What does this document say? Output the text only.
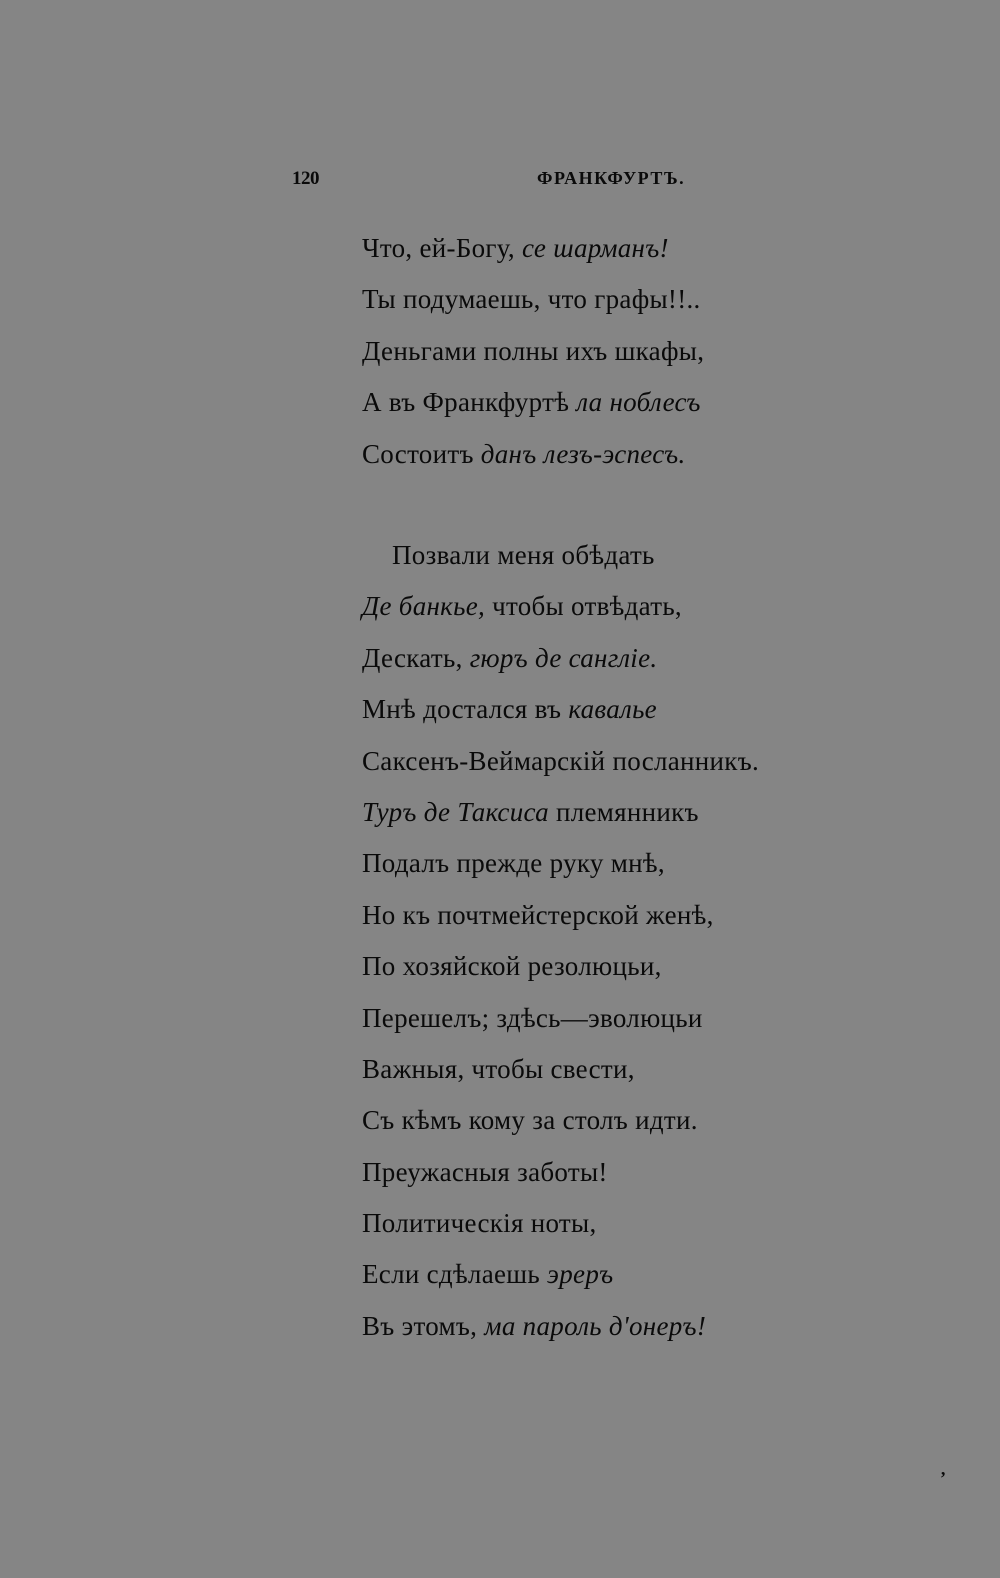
120	ФРАНКФУРТЪ.
Что, ей-Богу, се шарманъ!
Ты подумаешь, что графы!!..
Деньгами полны ихъ шкафы,
А въ Франкфуртѣ ла ноблесъ
Состоитъ данъ лезъ-эспесъ.
Позвали меня обѣдать
Де банкье, чтобы отвѣдать,
Дескать, гюръ де санглiе.
Мнѣ достался въ кавалье
Саксенъ-Веймарскiй посланникъ.
Туръ де Таксиса племянникъ
Подалъ прежде руку мнѣ,
Но къ почтмейстерской женѣ,
По хозяйской резолюцьи,
Перешелъ; здѣсь—эволюцьи
Важныя, чтобы свести,
Съ кѣмъ кому за столъ идти.
Преужасныя заботы!
Политическiя ноты,
Если сдѣлаешь эреръ
Въ этомъ, ма пароль д'онеръ!
’
